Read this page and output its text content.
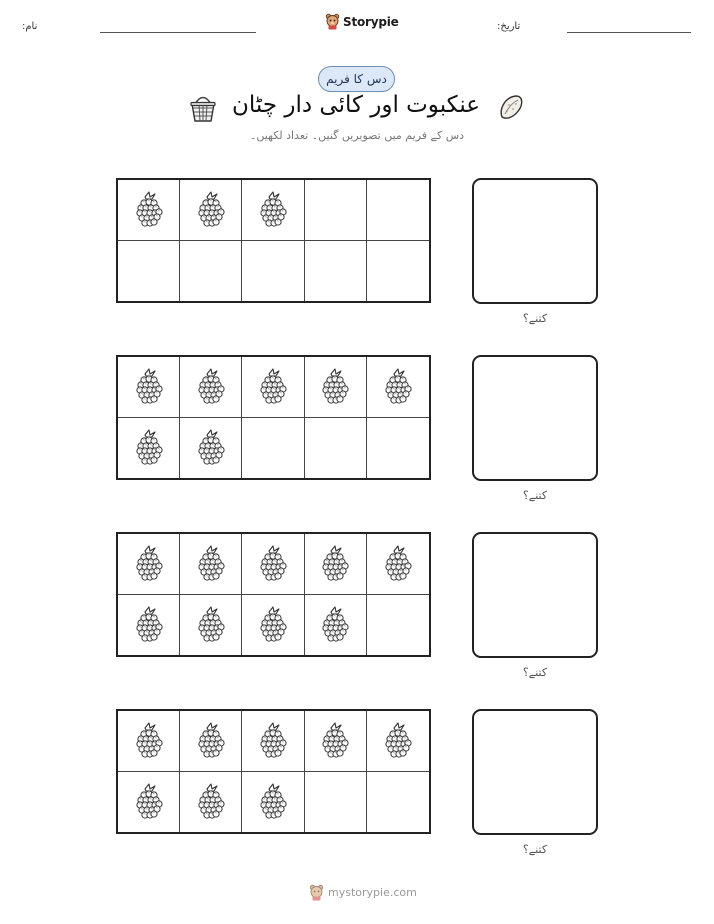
نام:	Storypie	تاریخ:
دس کا فریم
عنکبوت اور کائی دار چٹان
دس کے فریم میں تصویریں گنیں۔ تعداد لکھیں۔
کتنے؟
کتنے؟
کتنے؟
کتنے؟
mystorypie.com
